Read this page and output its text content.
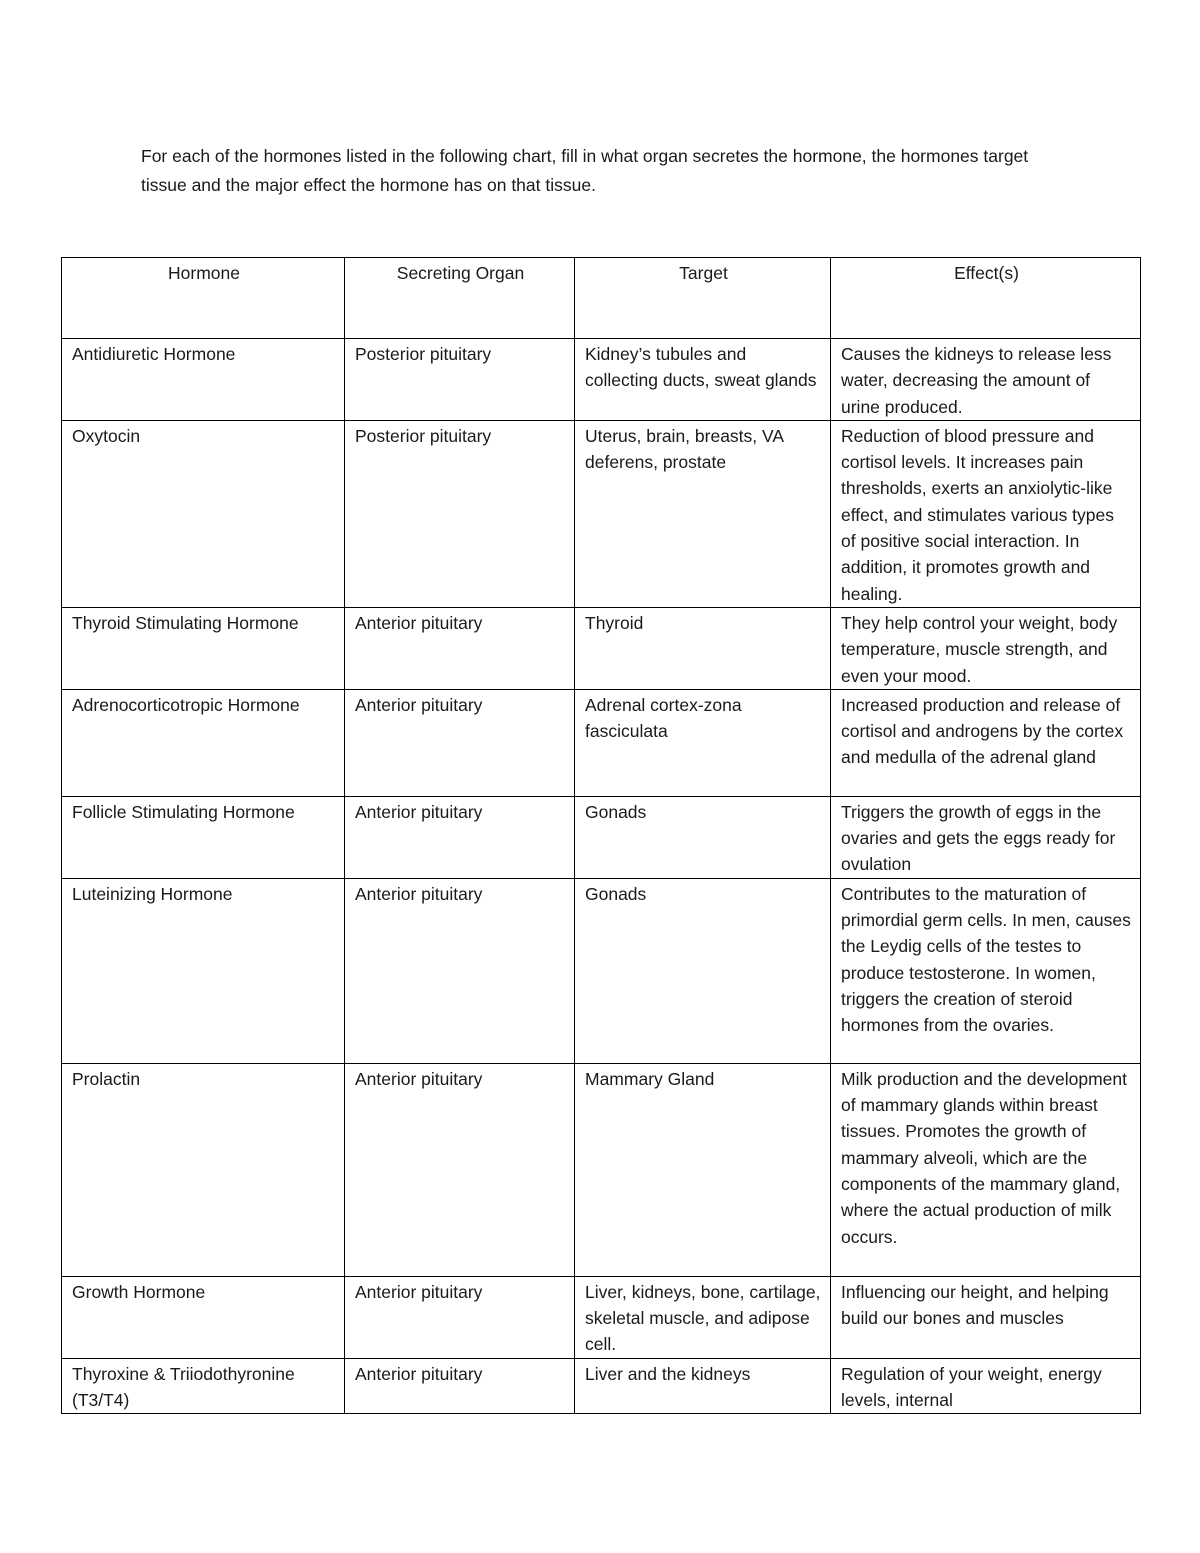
For each of the hormones listed in the following chart, fill in what organ secretes the hormone, the hormones target tissue and the major effect the hormone has on that tissue.

Hormone	Secreting Organ	Target	Effect(s)
Antidiuretic Hormone	Posterior pituitary	Kidney’s tubules and collecting ducts, sweat glands	Causes the kidneys to release less water, decreasing the amount of urine produced.
Oxytocin	Posterior pituitary	Uterus, brain, breasts, VA deferens, prostate	Reduction of blood pressure and cortisol levels. It increases pain thresholds, exerts an anxiolytic-like effect, and stimulates various types of positive social interaction. In addition, it promotes growth and healing.
Thyroid Stimulating Hormone	Anterior pituitary	Thyroid	They help control your weight, body temperature, muscle strength, and even your mood.
Adrenocorticotropic Hormone	Anterior pituitary	Adrenal cortex-zona fasciculata	Increased production and release of cortisol and androgens by the cortex and medulla of the adrenal gland
Follicle Stimulating Hormone	Anterior pituitary	Gonads	Triggers the growth of eggs in the ovaries and gets the eggs ready for ovulation
Luteinizing Hormone	Anterior pituitary	Gonads	Contributes to the maturation of primordial germ cells. In men, causes the Leydig cells of the testes to produce testosterone. In women, triggers the creation of steroid hormones from the ovaries.
Prolactin	Anterior pituitary	Mammary Gland	Milk production and the development of mammary glands within breast tissues. Promotes the growth of mammary alveoli, which are the components of the mammary gland, where the actual production of milk occurs.
Growth Hormone	Anterior pituitary	Liver, kidneys, bone, cartilage, skeletal muscle, and adipose cell.	Influencing our height, and helping build our bones and muscles
Thyroxine & Triiodothyronine (T3/T4)	Anterior pituitary	Liver and the kidneys	Regulation of your weight, energy levels, internal
